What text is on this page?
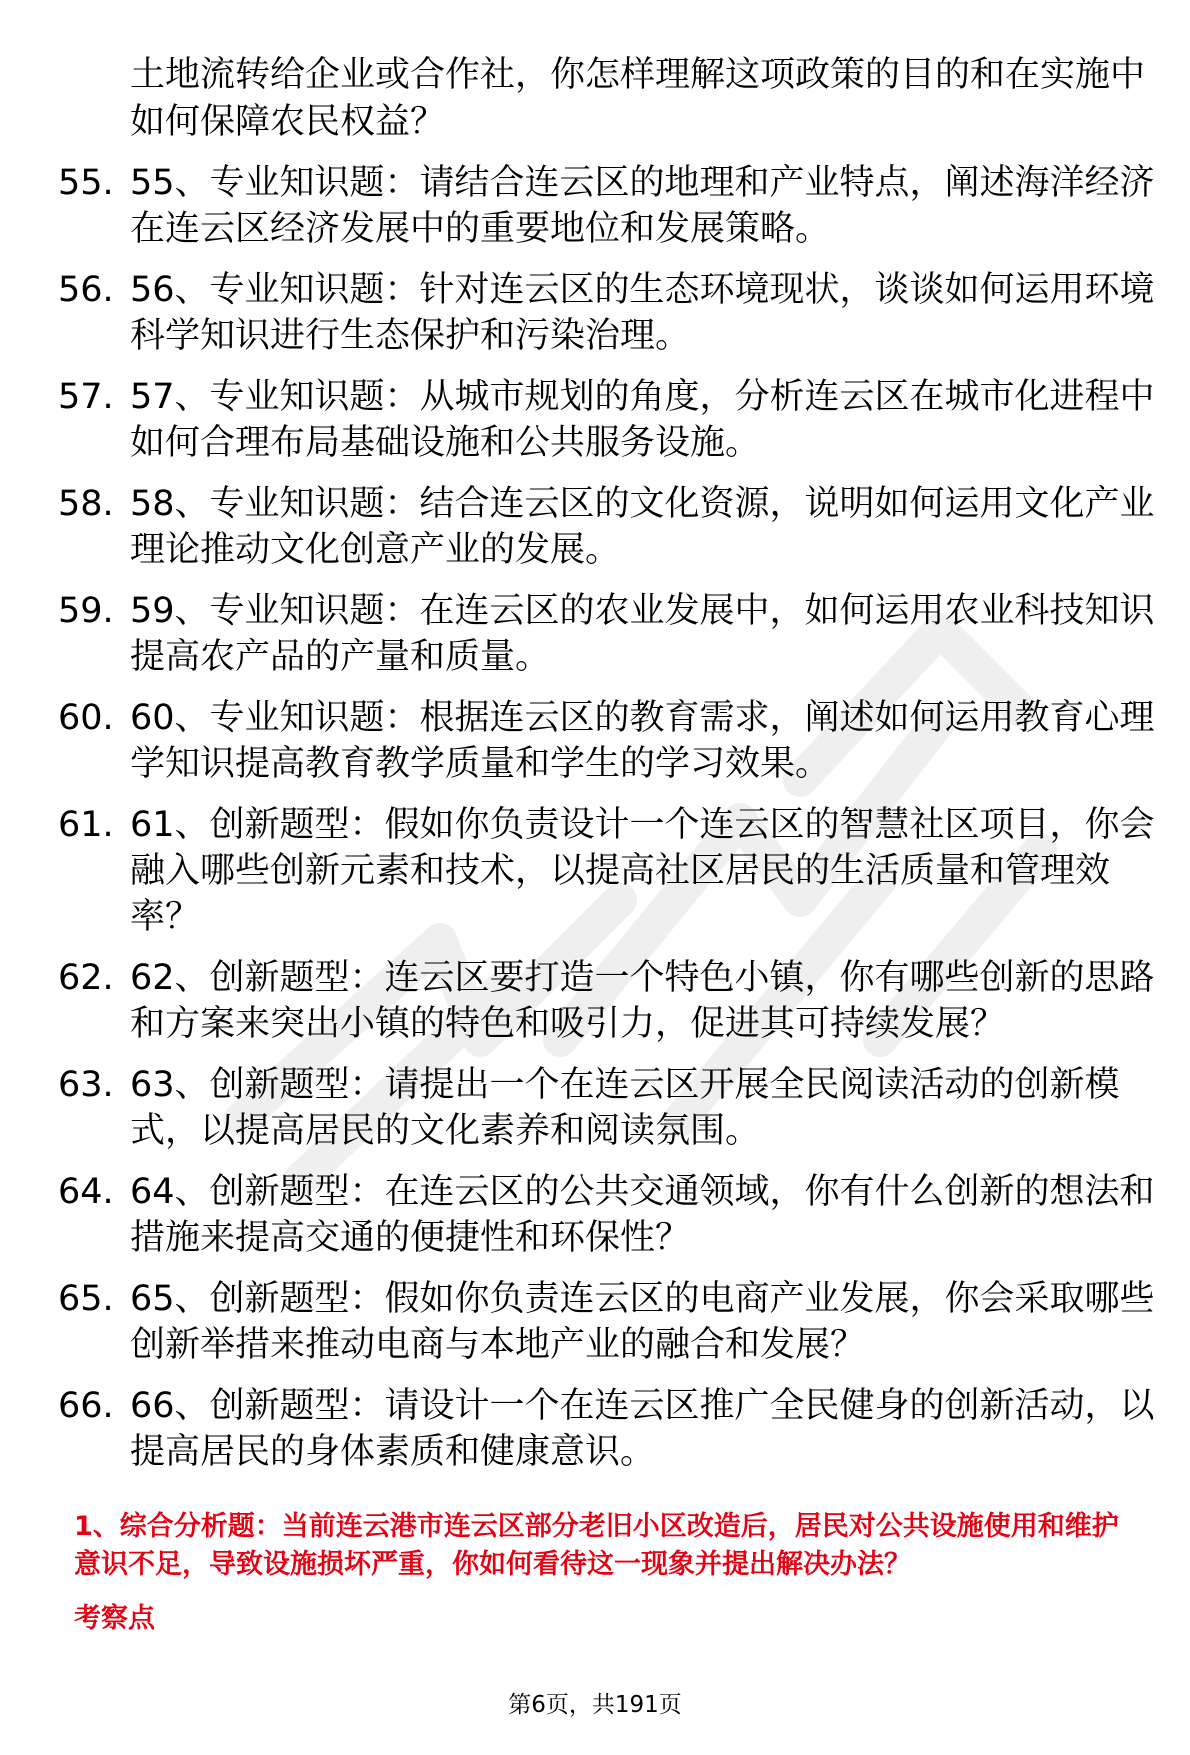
土地流转给企业或合作社，你怎样理解这项政策的目的和在实施中如何保障农民权益？
55. 55、专业知识题：请结合连云区的地理和产业特点，阐述海洋经济在连云区经济发展中的重要地位和发展策略。
56. 56、专业知识题：针对连云区的生态环境现状，谈谈如何运用环境科学知识进行生态保护和污染治理。
57. 57、专业知识题：从城市规划的角度，分析连云区在城市化进程中如何合理布局基础设施和公共服务设施。
58. 58、专业知识题：结合连云区的文化资源，说明如何运用文化产业理论推动文化创意产业的发展。
59. 59、专业知识题：在连云区的农业发展中，如何运用农业科技知识提高农产品的产量和质量。
60. 60、专业知识题：根据连云区的教育需求，阐述如何运用教育心理学知识提高教育教学质量和学生的学习效果。
61. 61、创新题型：假如你负责设计一个连云区的智慧社区项目，你会融入哪些创新元素和技术，以提高社区居民的生活质量和管理效率？
62. 62、创新题型：连云区要打造一个特色小镇，你有哪些创新的思路和方案来突出小镇的特色和吸引力，促进其可持续发展？
63. 63、创新题型：请提出一个在连云区开展全民阅读活动的创新模式，以提高居民的文化素养和阅读氛围。
64. 64、创新题型：在连云区的公共交通领域，你有什么创新的想法和措施来提高交通的便捷性和环保性？
65. 65、创新题型：假如你负责连云区的电商产业发展，你会采取哪些创新举措来推动电商与本地产业的融合和发展？
66. 66、创新题型：请设计一个在连云区推广全民健身的创新活动，以提高居民的身体素质和健康意识。
1、综合分析题：当前连云港市连云区部分老旧小区改造后，居民对公共设施使用和维护意识不足，导致设施损坏严重，你如何看待这一现象并提出解决办法？
考察点
第6页，共191页
